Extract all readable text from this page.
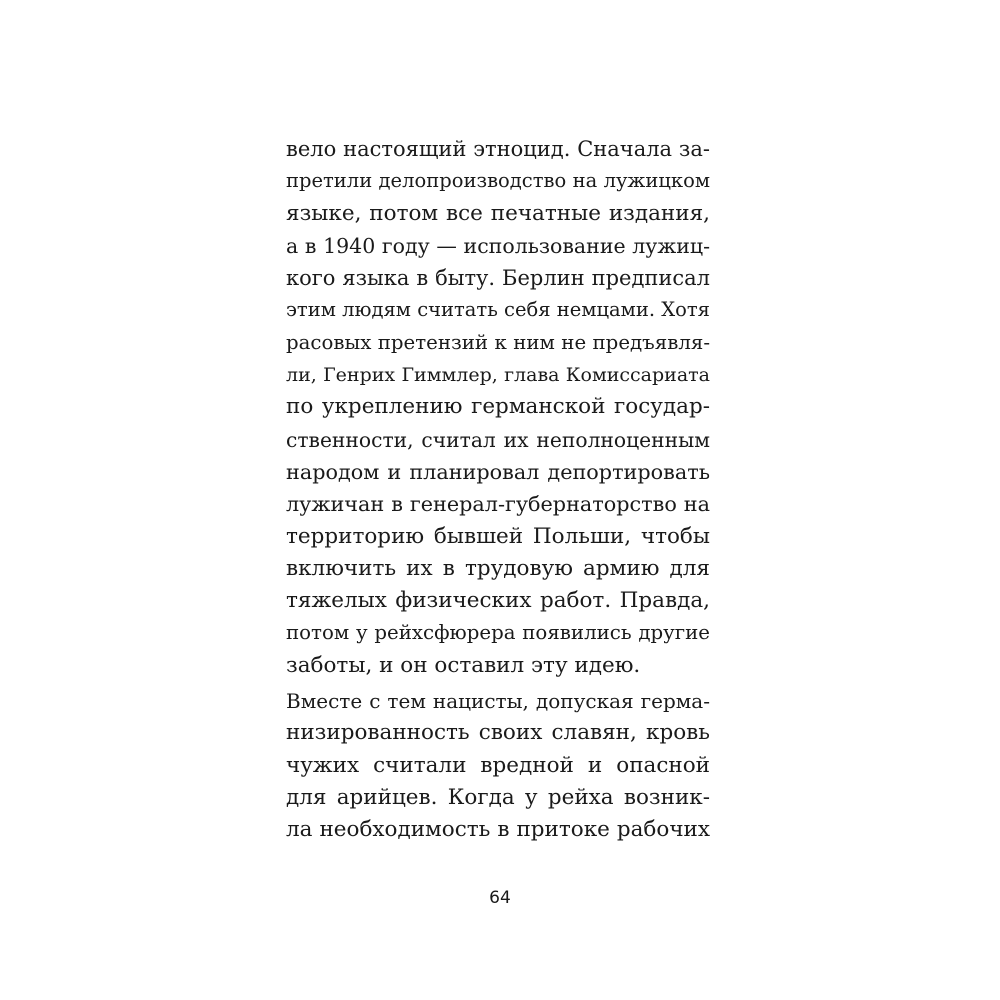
вело настоящий этноцид. Сначала за-
претили делопроизводство на лужицком
языке, потом все печатные издания,
а в 1940 году — использование лужиц-
кого языка в быту. Берлин предписал
этим людям считать себя немцами. Хотя
расовых претензий к ним не предъявля-
ли, Генрих Гиммлер, глава Комиссариата
по укреплению германской государ-
ственности, считал их неполноценным
народом и планировал депортировать
лужичан в генерал-губернаторство на
территорию бывшей Польши, чтобы
включить их в трудовую армию для
тяжелых физических работ. Правда,
потом у рейхсфюрера появились другие
заботы, и он оставил эту идею.
Вместе с тем нацисты, допуская герма-
низированность своих славян, кровь
чужих считали вредной и опасной
для арийцев. Когда у рейха возник-
ла необходимость в притоке рабочих
64
